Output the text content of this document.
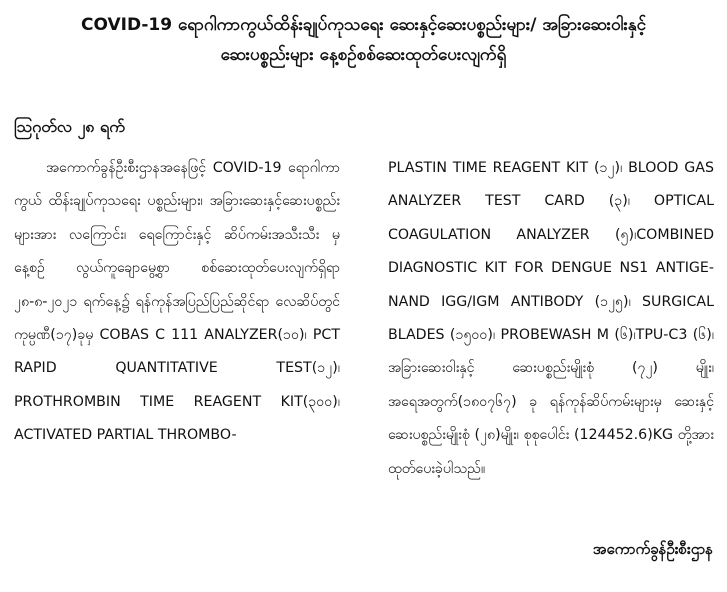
COVID-19 ရောဂါကာကွယ်ထိန်းချုပ်ကုသရေး ဆေးနှင့်ဆေးပစ္စည်းများ/ အခြားဆေးဝါးနှင့်
ဆေးပစ္စည်းများ နေ့စဉ်စစ်ဆေးထုတ်ပေးလျက်ရှိ
ဩဂုတ်လ ၂၈ ရက်

အကောက်ခွန်ဦးစီးဌာနအနေဖြင့် COVID-19 ရောဂါကာကွယ် ထိန်းချုပ်ကုသရေး ပစ္စည်းများ၊ အခြားဆေးနှင့်ဆေးပစ္စည်းများအား လကြောင်း၊ ရေကြောင်းနှင့် ဆိပ်ကမ်းအသီးသီး မှ နေ့စဉ် လွယ်ကူချောမွေ့စွာ စစ်ဆေးထုတ်ပေးလျက်ရှိရာ ၂၈-၈-၂၀၂၁ ရက်နေ့၌ ရန်ကုန်အပြည်ပြည်ဆိုင်ရာ လေဆိပ်တွင် ကုမ္ပဏီ(၁၇)ခုမှ COBAS C 111 ANALYZER(၁၀)၊ PCT RAPID QUANTITATIVE TEST(၁၂)၊ PROTHROMBIN TIME REAGENT KIT(၃၀၀)၊ ACTIVATED PARTIAL THROMBO-

PLASTIN TIME REAGENT KIT (၁၂)၊ BLOOD GAS ANALYZER TEST CARD (၃)၊ OPTICAL COAGULATION ANALYZER (၅)၊COMBINED DIAGNOSTIC KIT FOR DENGUE NS1 ANTIGE-NAND IGG/IGM ANTIBODY (၁၂၅)၊ SURGICAL BLADES (၁၅၀၀)၊ PROBEWASH M (၆)၊TPU-C3 (၆)၊ အခြားဆေးဝါးနှင့် ဆေးပစ္စည်းမျိုးစုံ (၇၂) မျိုး၊ အရေအတွက်(၁၈၀၇၆၇) ခု ရန်ကုန်ဆိပ်ကမ်းများမှ ဆေးနှင့်ဆေးပစ္စည်းမျိုးစုံ (၂၈)မျိုး၊ စုစုပေါင်း (124452.6)KG တို့အား ထုတ်ပေးခဲ့ပါသည်။

အကောက်ခွန်ဦးစီးဌာန
